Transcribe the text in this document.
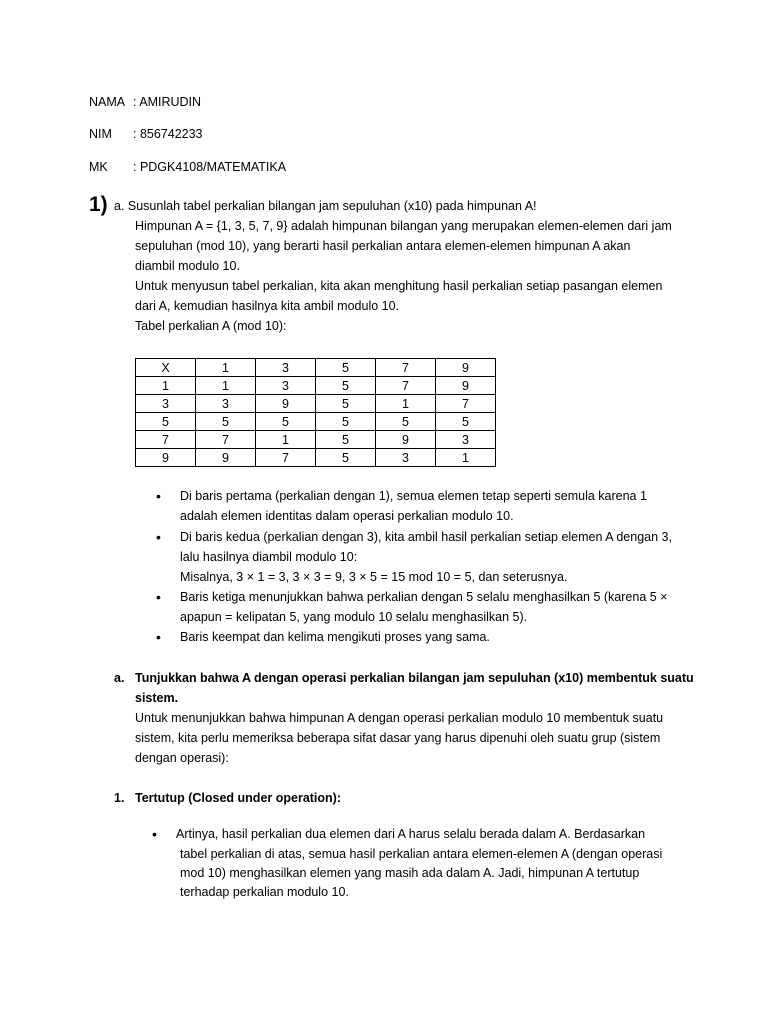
NAMA : AMIRUDIN
NIM : 856742233
MK : PDGK4108/MATEMATIKA
1) a. Susunlah tabel perkalian bilangan jam sepuluhan (x10) pada himpunan A!
Himpunan A = {1, 3, 5, 7, 9} adalah himpunan bilangan yang merupakan elemen-elemen dari jam
sepuluhan (mod 10), yang berarti hasil perkalian antara elemen-elemen himpunan A akan
diambil modulo 10.
Untuk menyusun tabel perkalian, kita akan menghitung hasil perkalian setiap pasangan elemen
dari A, kemudian hasilnya kita ambil modulo 10.
Tabel perkalian A (mod 10):
X	1	3	5	7	9
1	1	3	5	7	9
3	3	9	5	1	7
5	5	5	5	5	5
7	7	1	5	9	3
9	9	7	5	3	1
• Di baris pertama (perkalian dengan 1), semua elemen tetap seperti semula karena 1
adalah elemen identitas dalam operasi perkalian modulo 10.
• Di baris kedua (perkalian dengan 3), kita ambil hasil perkalian setiap elemen A dengan 3,
lalu hasilnya diambil modulo 10:
Misalnya, 3 × 1 = 3, 3 × 3 = 9, 3 × 5 = 15 mod 10 = 5, dan seterusnya.
• Baris ketiga menunjukkan bahwa perkalian dengan 5 selalu menghasilkan 5 (karena 5 ×
apapun = kelipatan 5, yang modulo 10 selalu menghasilkan 5).
• Baris keempat dan kelima mengikuti proses yang sama.
a. Tunjukkan bahwa A dengan operasi perkalian bilangan jam sepuluhan (x10) membentuk suatu
sistem.
Untuk menunjukkan bahwa himpunan A dengan operasi perkalian modulo 10 membentuk suatu
sistem, kita perlu memeriksa beberapa sifat dasar yang harus dipenuhi oleh suatu grup (sistem
dengan operasi):
1. Tertutup (Closed under operation):
• Artinya, hasil perkalian dua elemen dari A harus selalu berada dalam A. Berdasarkan
tabel perkalian di atas, semua hasil perkalian antara elemen-elemen A (dengan operasi
mod 10) menghasilkan elemen yang masih ada dalam A. Jadi, himpunan A tertutup
terhadap perkalian modulo 10.
